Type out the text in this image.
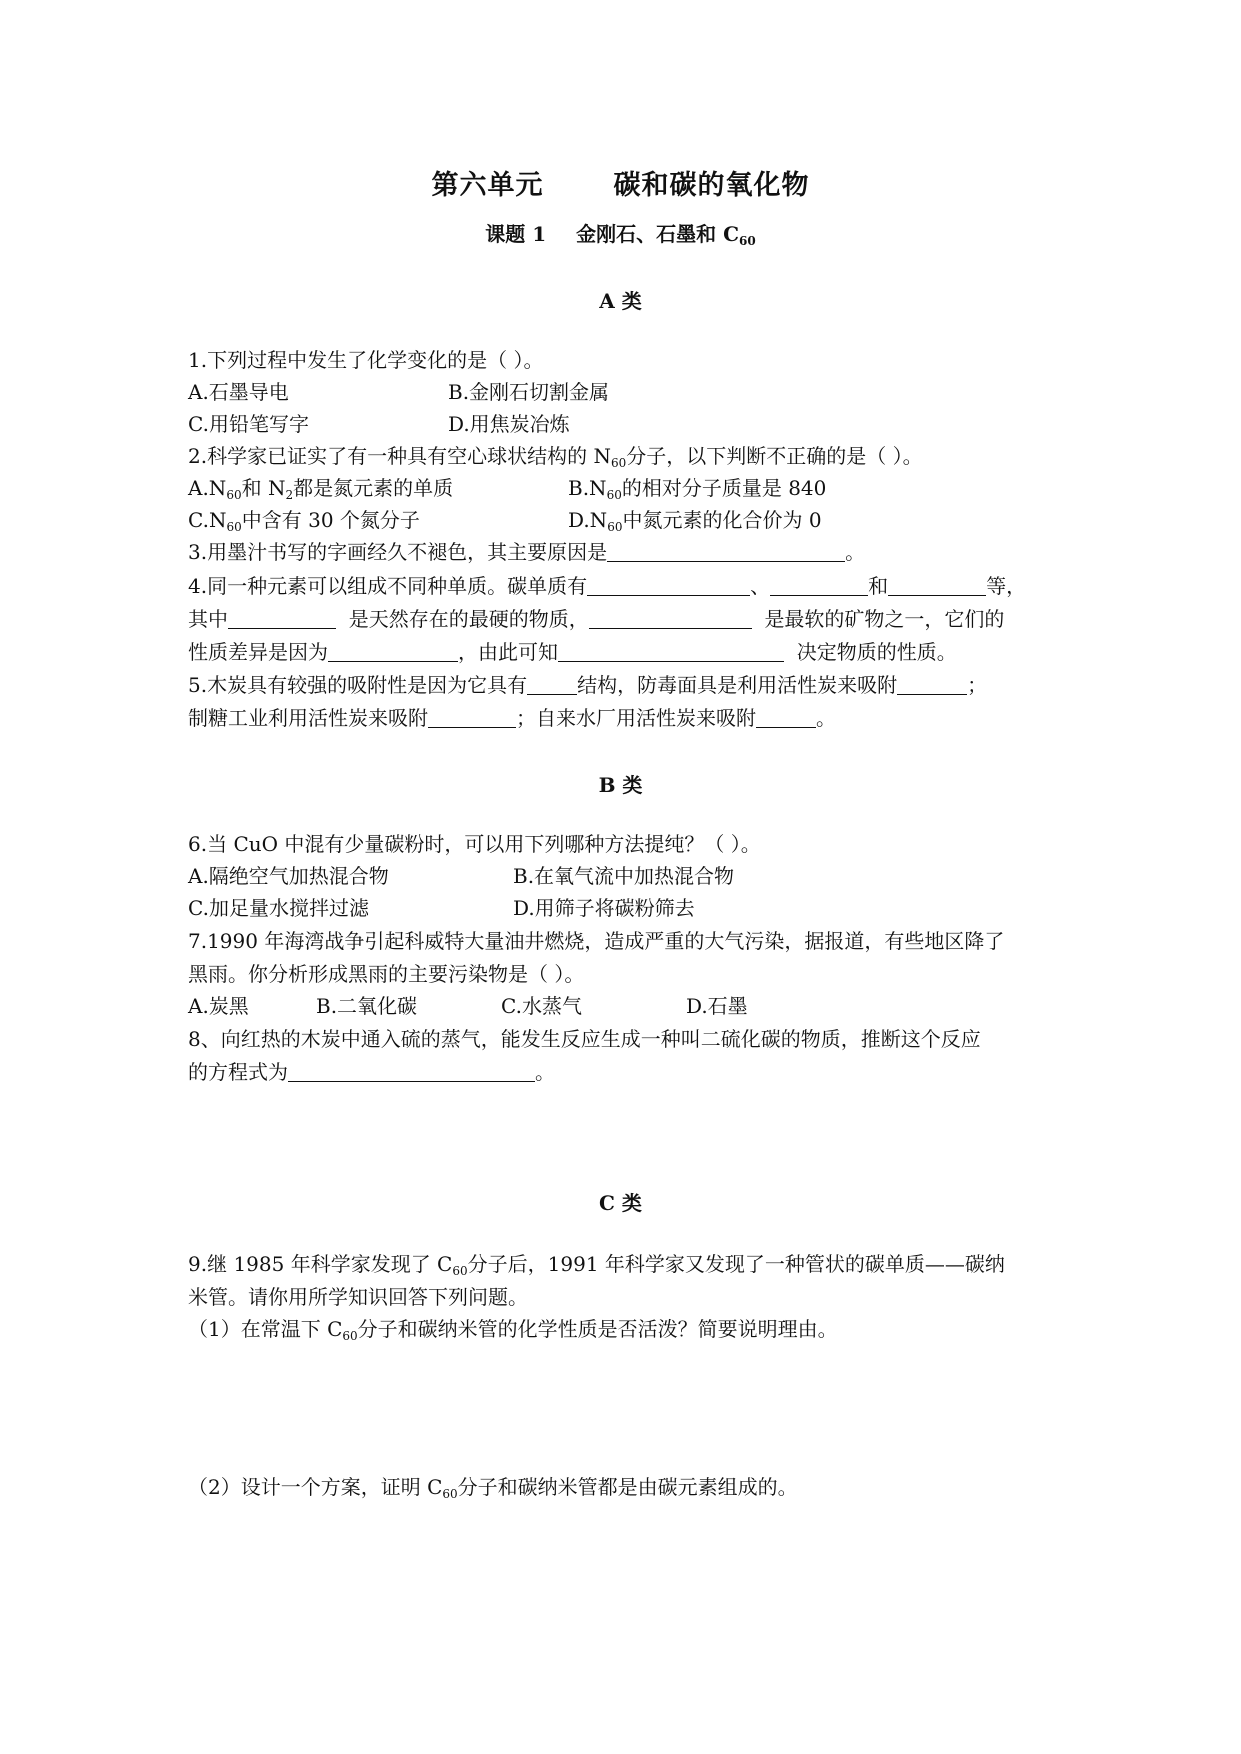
第六单元	碳和碳的氧化物
课题 1 金刚石、石墨和 $C_{60}$
A 类
1.下列过程中发生了化学变化的是（ ）。
A.石墨导电	B.金刚石切割金属
C.用铅笔写字	D.用焦炭冶炼
2.科学家已证实了有一种具有空心球状结构的 $N_{60}$分子，以下判断不正确的是（ ）。
$A.N_{60}$和 $N_2$都是氮元素的单质	$B.N_{60}$的相对分子质量是 840
$C.N_{60}$中含有 30 个氮分子	$D.N_{60}$中氮元素的化合价为 0
3.用墨汁书写的字画经久不褪色，其主要原因是	。
4.同一种元素可以组成不同种单质。碳单质有	、	和	等，
其中	是天然存在的最硬的物质，	是最软的矿物之一，它们的
性质差异是因为	，由此可知	决定物质的性质。
5.木炭具有较强的吸附性是因为它具有	结构，防毒面具是利用活性炭来吸附	；
制糖工业利用活性炭来吸附	；自来水厂用活性炭来吸附	。
B 类
6.当 CuO 中混有少量碳粉时，可以用下列哪种方法提纯？（ ）。
A.隔绝空气加热混合物	B.在氧气流中加热混合物
C.加足量水搅拌过滤	D.用筛子将碳粉筛去
7.1990 年海湾战争引起科威特大量油井燃烧，造成严重的大气污染，据报道，有些地区降了
黑雨。你分析形成黑雨的主要污染物是（ ）。
A.炭黑	B.二氧化碳	C.水蒸气	D.石墨
8、向红热的木炭中通入硫的蒸气，能发生反应生成一种叫二硫化碳的物质，推断这个反应
的方程式为	。
C 类
9.继 1985 年科学家发现了 $C_{60}$分子后，1991 年科学家又发现了一种管状的碳单质——碳纳
米管。请你用所学知识回答下列问题。
（1）在常温下 $C_{60}$分子和碳纳米管的化学性质是否活泼？简要说明理由。
（2）设计一个方案，证明 $C_{60}$分子和碳纳米管都是由碳元素组成的。
